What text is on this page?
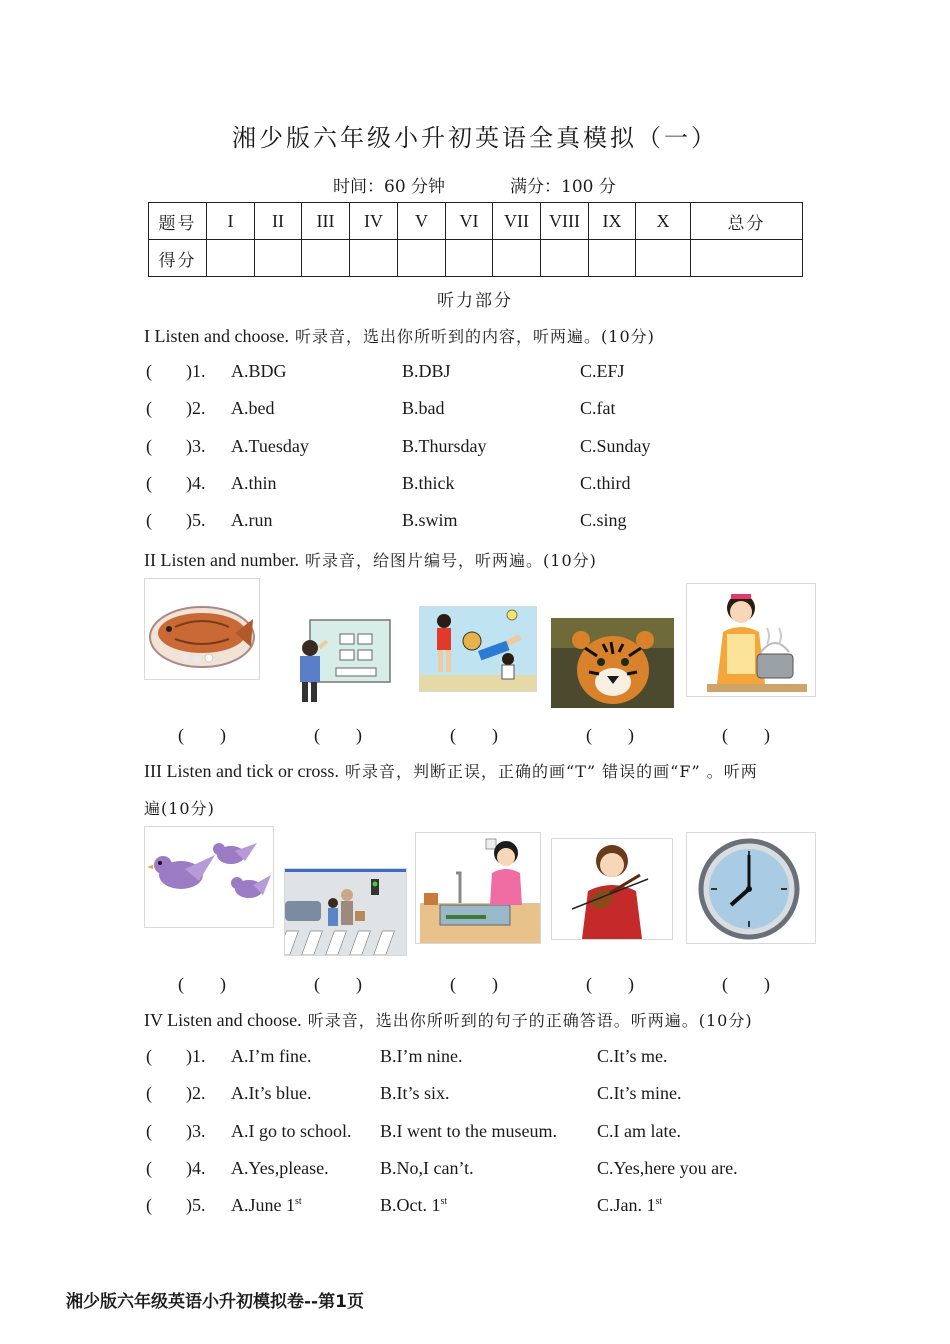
湘少版六年级小升初英语全真模拟（一）
时间：60 分钟	满分：100 分
题号	I	II	III	IV	V	VI	VII	VIII	IX	X	总分
得分											
听力部分
I Listen and choose. 听录音，选出你所听到的内容，听两遍。(10分)
( )1. A.BDG	B.DBJ	C.EFJ
( )2. A.bed	B.bad	C.fat
( )3. A.Tuesday	B.Thursday	C.Sunday
( )4. A.thin	B.thick	C.third
( )5. A.run	B.swim	C.sing
II Listen and number. 听录音，给图片编号，听两遍。(10分)
(　　)	(　　)	(　　)	(　　)	(　　)
III Listen and tick or cross. 听录音，判断正误，正确的画“T” 错误的画“F” 。听两
遍(10分)
(　　)	(　　)	(　　)	(　　)	(　　)
IV Listen and choose. 听录音，选出你所听到的句子的正确答语。听两遍。(10分)
( )1. A.I’m fine.	B.I’m nine.	C.It’s me.
( )2. A.It’s blue.	B.It’s six.	C.It’s mine.
( )3. A.I go to school. B.I went to the museum. C.I am late.
( )4. A.Yes,please.	B.No,I can’t.	C.Yes,here you are.
( )5. A.June 1st	B.Oct. 1st	C.Jan. 1st
湘少版六年级英语小升初模拟卷--第1页
